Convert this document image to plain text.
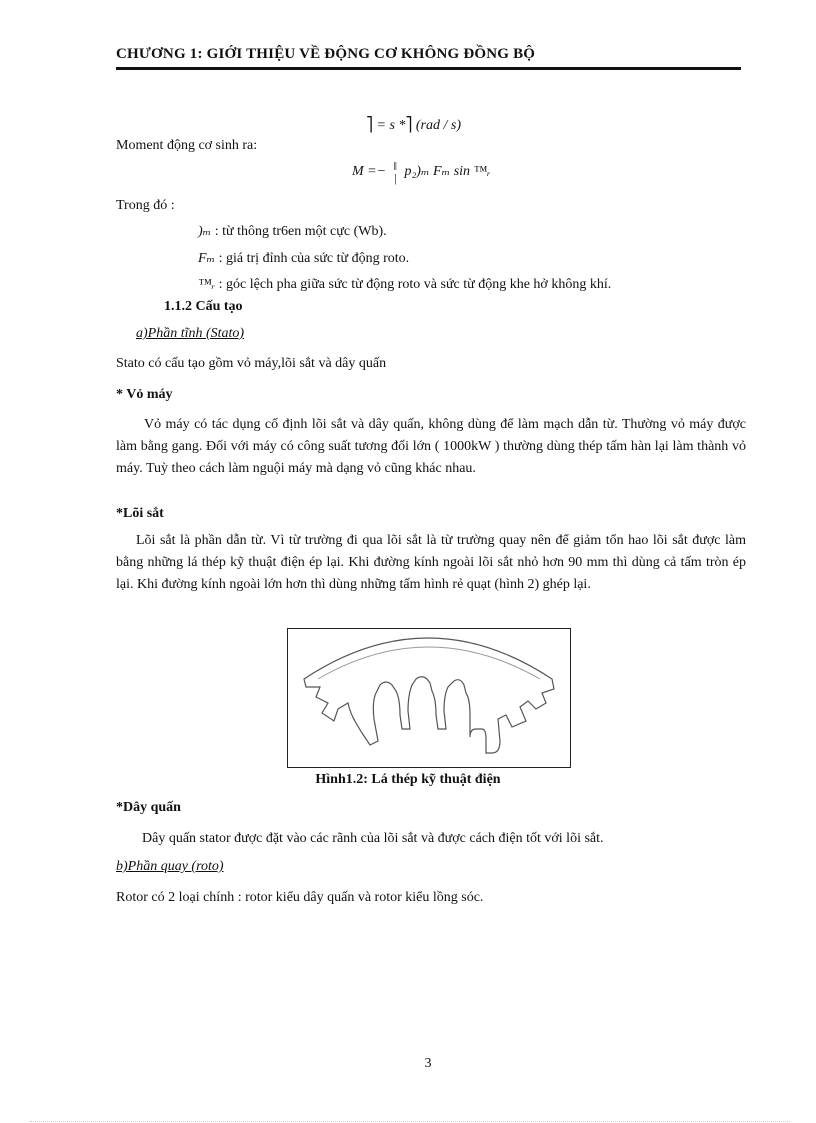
CHƯƠNG 1: GIỚI THIỆU VỀ ĐỘNG CƠ KHÔNG ĐỒNG BỘ
⎤ = s *⎤ (rad / s)
Moment động cơ sinh ra:
M =− ‖
| p₂)ₘ Fₘ sin ™ᵣ
Trong đó :
)ₘ : từ thông tr6en một cực (Wb).
Fₘ : giá trị đỉnh của sức từ động roto.
™ᵣ : góc lệch pha giữa sức từ động roto và sức từ động khe hở không khí.
1.1.2 Cấu tạo
a)Phần tĩnh (Stato)
Stato có cấu tạo gồm vỏ máy,lõi sắt và dây quấn
* Vỏ máy
Vỏ máy có tác dụng cố định lõi sắt và dây quấn, không dùng để làm mạch dẫn từ. Thường vỏ máy được làm bằng gang. Đối với máy có công suất tương đối lớn ( 1000kW ) thường dùng thép tấm hàn lại làm thành vỏ máy. Tuỳ theo cách làm nguội máy mà dạng vỏ cũng khác nhau.
*Lõi sắt
Lõi sắt là phần dẫn từ. Vì từ trường đi qua lõi sắt là từ trường quay nên để giảm tổn hao lõi sắt được làm bằng những lá thép kỹ thuật điện ép lại. Khi đường kính ngoài lõi sắt nhỏ hơn 90 mm thì dùng cả tấm tròn ép lại. Khi đường kính ngoài lớn hơn thì dùng những tấm hình rẻ quạt (hình 2) ghép lại.
Hình1.2: Lá thép kỹ thuật điện
*Dây quấn
Dây quấn stator được đặt vào các rãnh của lõi sắt và được cách điện tốt với lõi sắt.
b)Phần quay (roto)
Rotor có 2 loại chính : rotor kiểu dây quấn và rotor kiểu lồng sóc.
3
